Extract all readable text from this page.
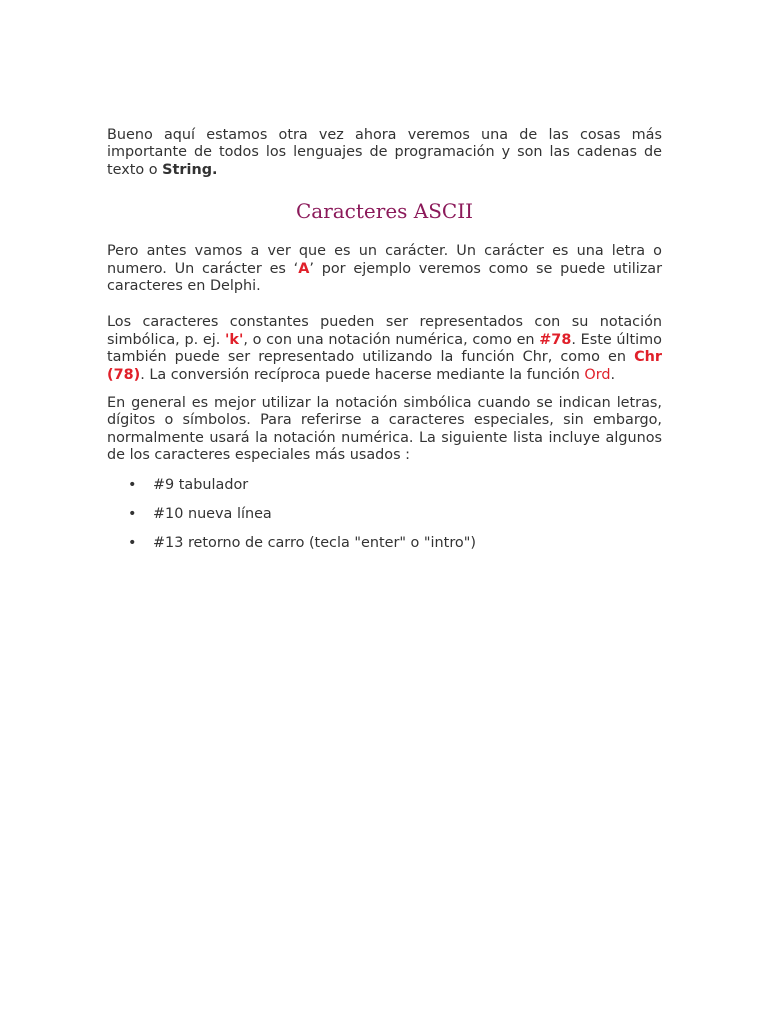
Bueno aquí estamos otra vez ahora veremos una de las cosas más importante de todos los lenguajes de programación y son las cadenas de texto o String.

Caracteres ASCII

Pero antes vamos a ver que es un carácter. Un carácter es una letra o numero. Un carácter es ‘A’ por ejemplo veremos como se puede utilizar caracteres en Delphi.

Los caracteres constantes pueden ser representados con su notación simbólica, p. ej. 'k', o con una notación numérica, como en #78. Este último también puede ser representado utilizando la función Chr, como en Chr (78). La conversión recíproca puede hacerse mediante la función Ord.

En general es mejor utilizar la notación simbólica cuando se indican letras, dígitos o símbolos. Para referirse a caracteres especiales, sin embargo, normalmente usará la notación numérica. La siguiente lista incluye algunos de los caracteres especiales más usados :

• #9 tabulador
• #10 nueva línea
• #13 retorno de carro (tecla "enter" o "intro")
